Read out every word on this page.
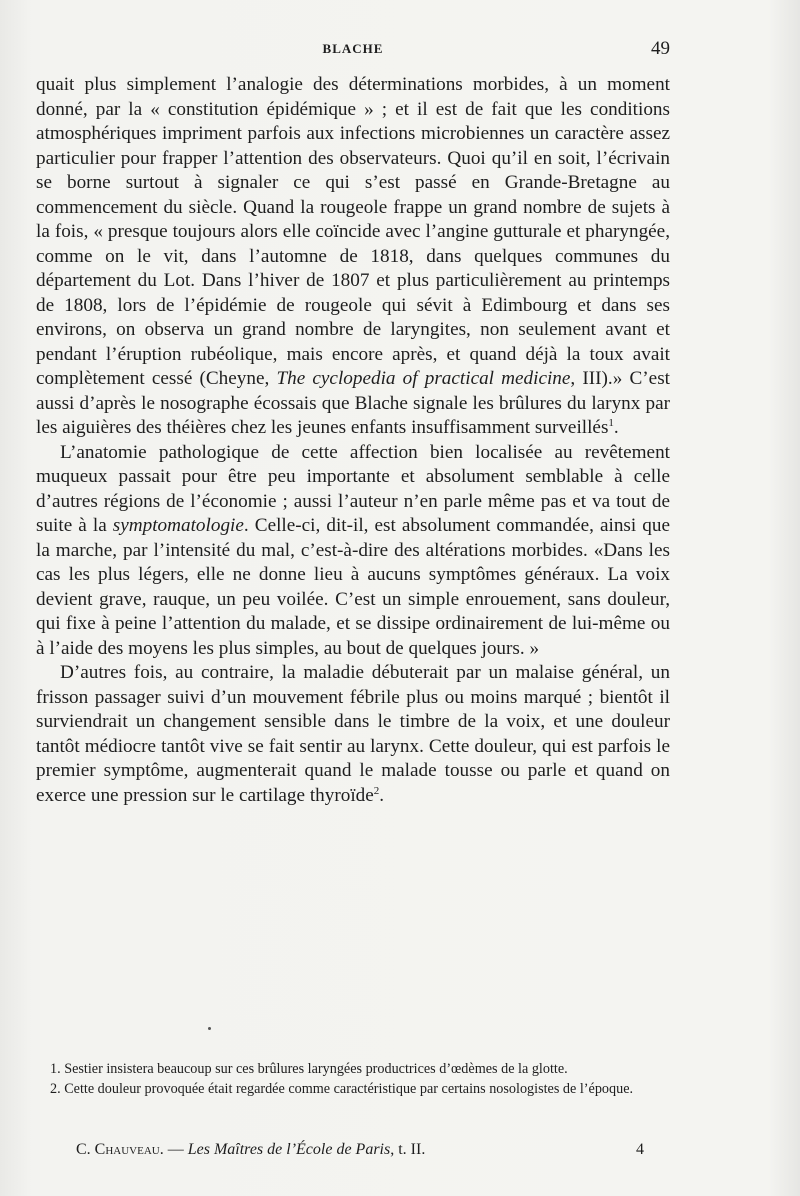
BLACHE	49

quait plus simplement l’analogie des déterminations morbides, à un moment donné, par la « constitution épidémique » ; et il est de fait que les conditions atmosphériques impriment parfois aux infections microbiennes un caractère assez particulier pour frapper l’attention des observateurs. Quoi qu’il en soit, l’écrivain se borne surtout à signaler ce qui s’est passé en Grande-Bretagne au commencement du siècle. Quand la rougeole frappe un grand nombre de sujets à la fois, « presque toujours alors elle coïncide avec l’angine gutturale et pharyngée, comme on le vit, dans l’automne de 1818, dans quelques communes du département du Lot. Dans l’hiver de 1807 et plus particulièrement au printemps de 1808, lors de l’épidémie de rougeole qui sévit à Edimbourg et dans ses environs, on observa un grand nombre de laryngites, non seulement avant et pendant l’éruption rubéolique, mais encore après, et quand déjà la toux avait complètement cessé (Cheyne, The cyclopedia of practical medicine, III).» C’est aussi d’après le nosographe écossais que Blache signale les brûlures du larynx par les aiguières des théières chez les jeunes enfants insuffisamment surveillés$^1$.

L’anatomie pathologique de cette affection bien localisée au revêtement muqueux passait pour être peu importante et absolument semblable à celle d’autres régions de l’économie ; aussi l’auteur n’en parle même pas et va tout de suite à la symptomatologie. Celle-ci, dit-il, est absolument commandée, ainsi que la marche, par l’intensité du mal, c’est-à-dire des altérations morbides. «Dans les cas les plus légers, elle ne donne lieu à aucuns symptômes généraux. La voix devient grave, rauque, un peu voilée. C’est un simple enrouement, sans douleur, qui fixe à peine l’attention du malade, et se dissipe ordinairement de lui-même ou à l’aide des moyens les plus simples, au bout de quelques jours. »

D’autres fois, au contraire, la maladie débuterait par un malaise général, un frisson passager suivi d’un mouvement fébrile plus ou moins marqué ; bientôt il surviendrait un changement sensible dans le timbre de la voix, et une douleur tantôt médiocre tantôt vive se fait sentir au larynx. Cette douleur, qui est parfois le premier symptôme, augmenterait quand le malade tousse ou parle et quand on exerce une pression sur le cartilage thyroïde$^2$.

1. Sestier insistera beaucoup sur ces brûlures laryngées productrices d’œdèmes de la glotte.

2. Cette douleur provoquée était regardée comme caractéristique par certains nosologistes de l’époque.

C. Chauveau. — Les Maîtres de l’École de Paris, t. II.	4
